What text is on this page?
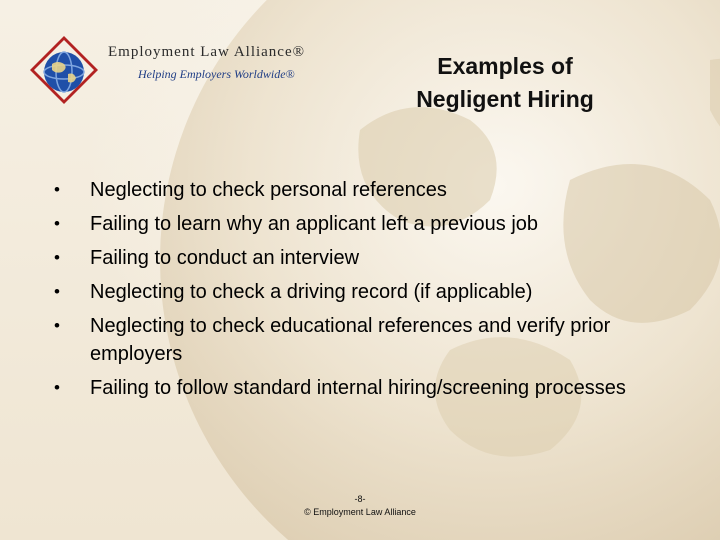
Employment Law Alliance®
Helping Employers Worldwide®	Examples of
Negligent Hiring
• Neglecting to check personal references
• Failing to learn why an applicant left a previous job
• Failing to conduct an interview
• Neglecting to check a driving record (if applicable)
• Neglecting to check educational references and verify prior employers
• Failing to follow standard internal hiring/screening processes
-8-
© Employment Law Alliance
